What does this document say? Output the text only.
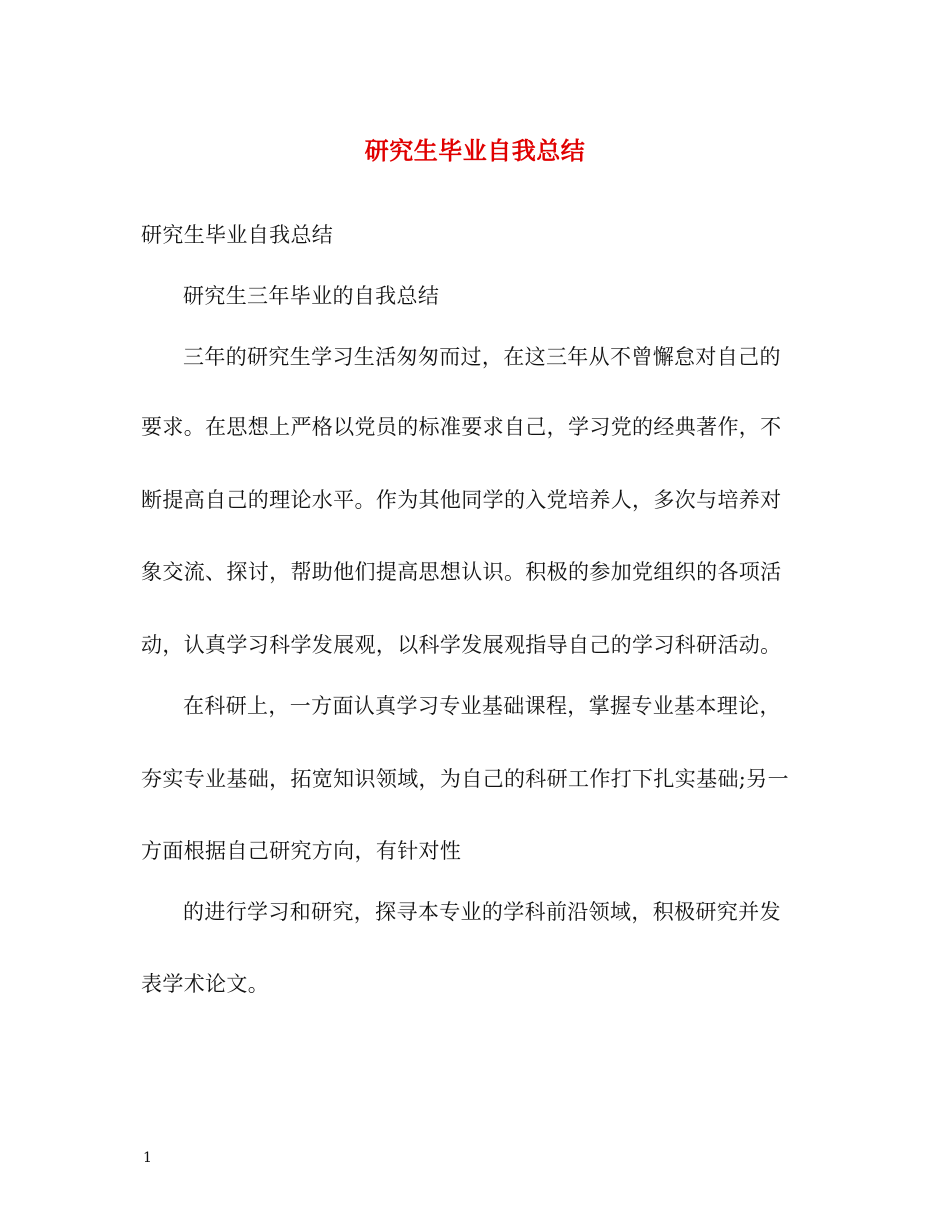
研究生毕业自我总结
研究生毕业自我总结
研究生三年毕业的自我总结
三年的研究生学习生活匆匆而过，在这三年从不曾懈怠对自己的
要求。在思想上严格以党员的标准要求自己，学习党的经典著作，不
断提高自己的理论水平。作为其他同学的入党培养人，多次与培养对
象交流、探讨，帮助他们提高思想认识。积极的参加党组织的各项活
动，认真学习科学发展观，以科学发展观指导自己的学习科研活动。
在科研上，一方面认真学习专业基础课程，掌握专业基本理论，
夯实专业基础，拓宽知识领域，为自己的科研工作打下扎实基础;另一
方面根据自己研究方向，有针对性
的进行学习和研究，探寻本专业的学科前沿领域，积极研究并发
表学术论文。
1
